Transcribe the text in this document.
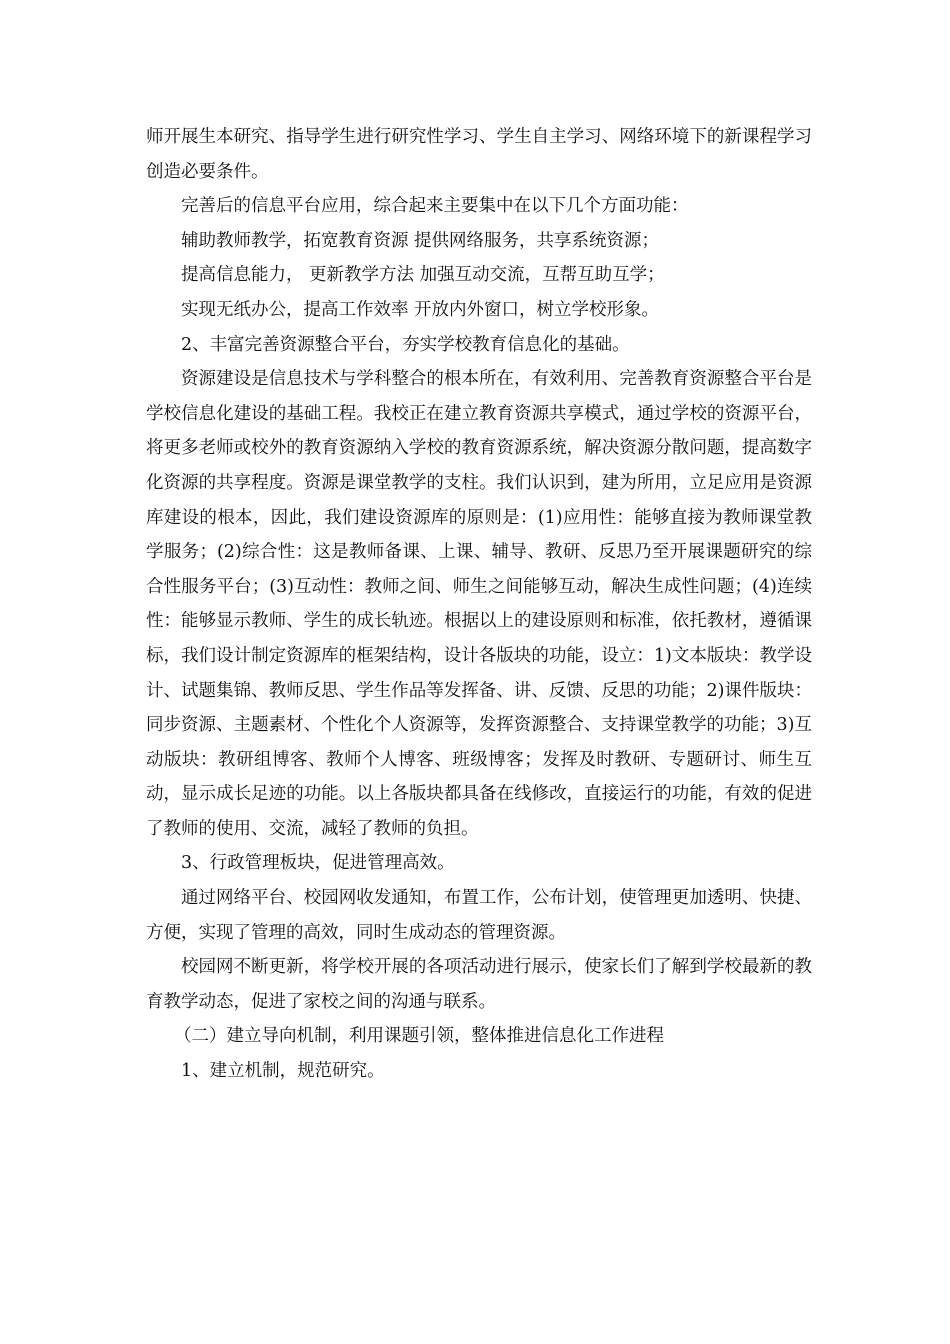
师开展生本研究、指导学生进行研究性学习、学生自主学习、网络环境下的新课程学习创造必要条件。

完善后的信息平台应用，综合起来主要集中在以下几个方面功能：

辅助教师教学，拓宽教育资源 提供网络服务，共享系统资源；

提高信息能力， 更新教学方法 加强互动交流，互帮互助互学；

实现无纸办公，提高工作效率 开放内外窗口，树立学校形象。

2、丰富完善资源整合平台，夯实学校教育信息化的基础。

资源建设是信息技术与学科整合的根本所在，有效利用、完善教育资源整合平台是学校信息化建设的基础工程。我校正在建立教育资源共享模式，通过学校的资源平台，将更多老师或校外的教育资源纳入学校的教育资源系统，解决资源分散问题，提高数字化资源的共享程度。资源是课堂教学的支柱。我们认识到，建为所用，立足应用是资源库建设的根本，因此，我们建设资源库的原则是：(1)应用性：能够直接为教师课堂教学服务；(2)综合性：这是教师备课、上课、辅导、教研、反思乃至开展课题研究的综合性服务平台；(3)互动性：教师之间、师生之间能够互动，解决生成性问题；(4)连续性：能够显示教师、学生的成长轨迹。根据以上的建设原则和标准，依托教材，遵循课标，我们设计制定资源库的框架结构，设计各版块的功能，设立：1)文本版块：教学设计、试题集锦、教师反思、学生作品等发挥备、讲、反馈、反思的功能；2)课件版块：同步资源、主题素材、个性化个人资源等，发挥资源整合、支持课堂教学的功能；3)互动版块：教研组博客、教师个人博客、班级博客；发挥及时教研、专题研讨、师生互动，显示成长足迹的功能。以上各版块都具备在线修改，直接运行的功能，有效的促进了教师的使用、交流，减轻了教师的负担。

3、行政管理板块，促进管理高效。

通过网络平台、校园网收发通知，布置工作，公布计划，使管理更加透明、快捷、方便，实现了管理的高效，同时生成动态的管理资源。

校园网不断更新，将学校开展的各项活动进行展示，使家长们了解到学校最新的教育教学动态，促进了家校之间的沟通与联系。

（二）建立导向机制，利用课题引领，整体推进信息化工作进程

1、建立机制，规范研究。
